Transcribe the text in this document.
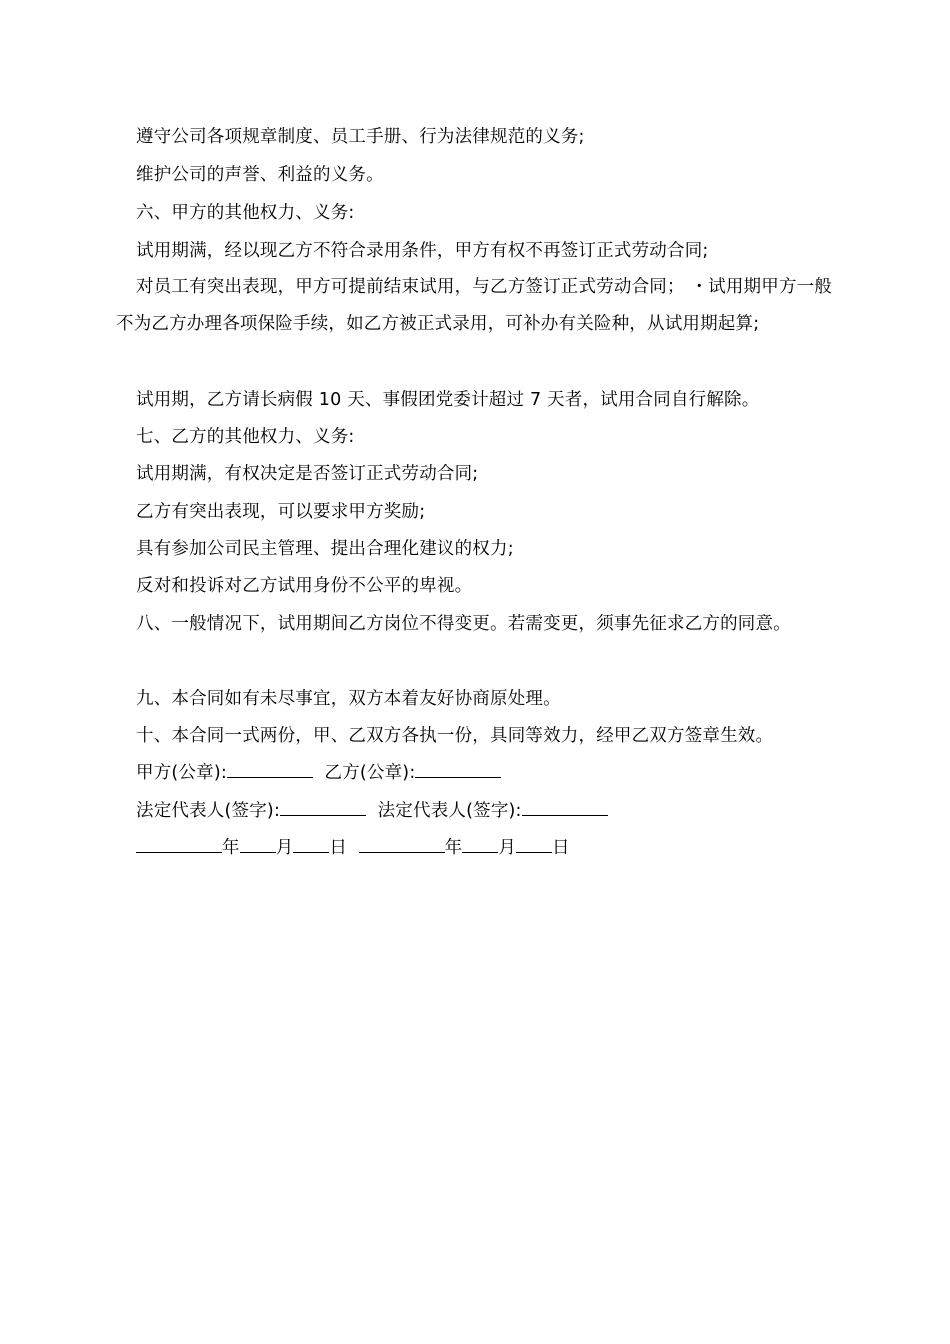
遵守公司各项规章制度、员工手册、行为法律规范的义务;
维护公司的声誉、利益的义务。
六、甲方的其他权力、义务:
试用期满，经以现乙方不符合录用条件，甲方有权不再签订正式劳动合同;
对员工有突出表现，甲方可提前结束试用，与乙方签订正式劳动合同； ・试用期甲方一般不为乙方办理各项保险手续，如乙方被正式录用，可补办有关险种，从试用期起算;
试用期，乙方请长病假 10 天、事假团党委计超过 7 天者，试用合同自行解除。
七、乙方的其他权力、义务:
试用期满，有权决定是否签订正式劳动合同;
乙方有突出表现，可以要求甲方奖励;
具有参加公司民主管理、提出合理化建议的权力;
反对和投诉对乙方试用身份不公平的卑视。
八、一般情况下，试用期间乙方岗位不得变更。若需变更，须事先征求乙方的同意。
九、本合同如有未尽事宜，双方本着友好协商原处理。
十、本合同一式两份，甲、乙双方各执一份，具同等效力，经甲乙双方签章生效。
甲方(公章):	乙方(公章):
法定代表人(签字):	法定代表人(签字):
年 月 日	年 月 日
